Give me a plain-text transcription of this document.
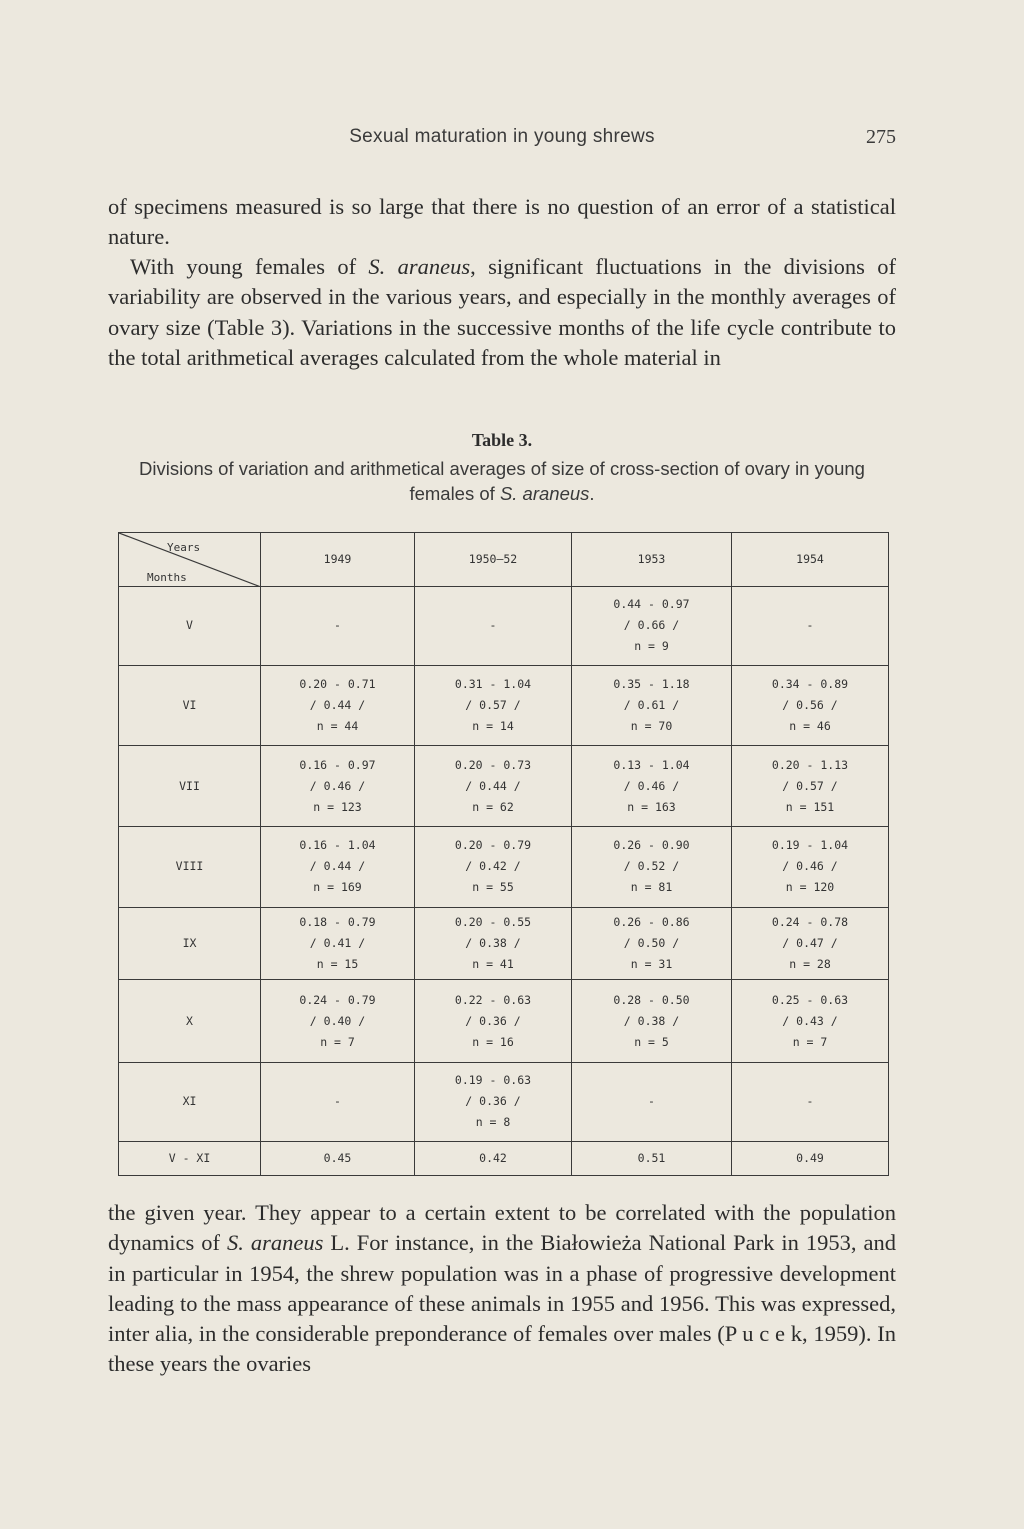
Sexual maturation in young shrews	275

of specimens measured is so large that there is no question of an error of a statistical nature.

With young females of S. araneus, significant fluctuations in the divisions of variability are observed in the various years, and especially in the monthly averages of ovary size (Table 3). Variations in the successive months of the life cycle contribute to the total arithmetical averages calculated from the whole material in

Table 3.
Divisions of variation and arithmetical averages of size of cross-section of ovary in young females of S. araneus.
Years
Months	1949	1950–52	1953	1954
V	-	-	0.44 - 0.97
/ 0.66 /
n = 9	-

VI	0.20 - 0.71
/ 0.44 /
n = 44	0.31 - 1.04
/ 0.57 /
n = 14	0.35 - 1.18
/ 0.61 /
n = 70	0.34 - 0.89
/ 0.56 /
n = 46

VII	0.16 - 0.97
/ 0.46 /
n = 123	0.20 - 0.73
/ 0.44 /
n = 62	0.13 - 1.04
/ 0.46 /
n = 163	0.20 - 1.13
/ 0.57 /
n = 151

VIII	0.16 - 1.04
/ 0.44 /
n = 169	0.20 - 0.79
/ 0.42 /
n = 55	0.26 - 0.90
/ 0.52 /
n = 81	0.19 - 1.04
/ 0.46 /
n = 120

IX	0.18 - 0.79
/ 0.41 /
n = 15	0.20 - 0.55
/ 0.38 /
n = 41	0.26 - 0.86
/ 0.50 /
n = 31	0.24 - 0.78
/ 0.47 /
n = 28

X	0.24 - 0.79
/ 0.40 /
n = 7	0.22 - 0.63
/ 0.36 /
n = 16	0.28 - 0.50
/ 0.38 /
n = 5	0.25 - 0.63
/ 0.43 /
n = 7

XI	-	0.19 - 0.63
/ 0.36 /
n = 8	-	-

V - XI	0.45	0.42	0.51	0.49

the given year. They appear to a certain extent to be correlated with the population dynamics of S. araneus L. For instance, in the Białowieża National Park in 1953, and in particular in 1954, the shrew population was in a phase of progressive development leading to the mass appearance of these animals in 1955 and 1956. This was expressed, inter alia, in the considerable preponderance of females over males (P u c e k, 1959). In these years the ovaries
